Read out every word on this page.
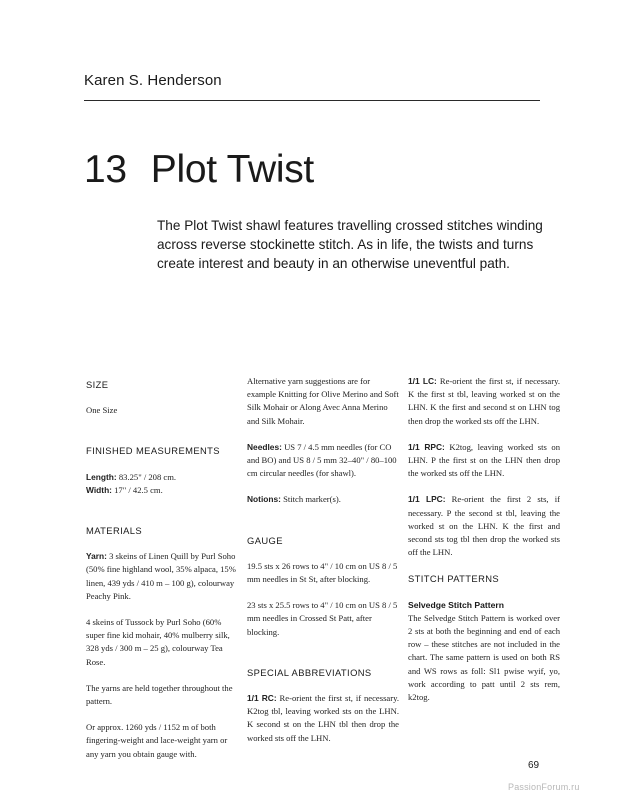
Karen S. Henderson
13 Plot Twist
The Plot Twist shawl features travelling crossed stitches winding across reverse stockinette stitch. As in life, the twists and turns create interest and beauty in an otherwise uneventful path.
SIZE

One Size

FINISHED MEASUREMENTS

Length: 83.25" / 208 cm.
Width: 17" / 42.5 cm.

MATERIALS

Yarn: 3 skeins of Linen Quill by Purl Soho (50% fine highland wool, 35% alpaca, 15% linen, 439 yds / 410 m – 100 g), colourway Peachy Pink.

4 skeins of Tussock by Purl Soho (60% super fine kid mohair, 40% mulberry silk, 328 yds / 300 m – 25 g), colourway Tea Rose.

The yarns are held together throughout the pattern.

Or approx. 1260 yds / 1152 m of both fingering-weight and lace-weight yarn or any yarn you obtain gauge with.

Alternative yarn suggestions are for example Knitting for Olive Merino and Soft Silk Mohair or Along Avec Anna Merino and Silk Mohair.

Needles: US 7 / 4.5 mm needles (for CO and BO) and US 8 / 5 mm 32–40" / 80–100 cm circular needles (for shawl).

Notions: Stitch marker(s).

GAUGE

19.5 sts x 26 rows to 4" / 10 cm on US 8 / 5 mm needles in St St, after blocking.

23 sts x 25.5 rows to 4" / 10 cm on US 8 / 5 mm needles in Crossed St Patt, after blocking.

SPECIAL ABBREVIATIONS

1/1 RC: Re-orient the first st, if necessary. K2tog tbl, leaving worked sts on the LHN. K second st on the LHN tbl then drop the worked sts off the LHN.

1/1 LC: Re-orient the first st, if necessary. K the first st tbl, leaving worked st on the LHN. K the first and second st on LHN tog then drop the worked sts off the LHN.

1/1 RPC: K2tog, leaving worked sts on LHN. P the first st on the LHN then drop the worked sts off the LHN.

1/1 LPC: Re-orient the first 2 sts, if necessary. P the second st tbl, leaving the worked st on the LHN. K the first and second sts tog tbl then drop the worked sts off the LHN.

STITCH PATTERNS
Selvedge Stitch Pattern

The Selvedge Stitch Pattern is worked over 2 sts at both the beginning and end of each row – these stitches are not included in the chart. The same pattern is used on both RS and WS rows as foll: Sl1 pwise wyif, yo, work according to patt until 2 sts rem, k2tog.

69
PassionForum.ru
